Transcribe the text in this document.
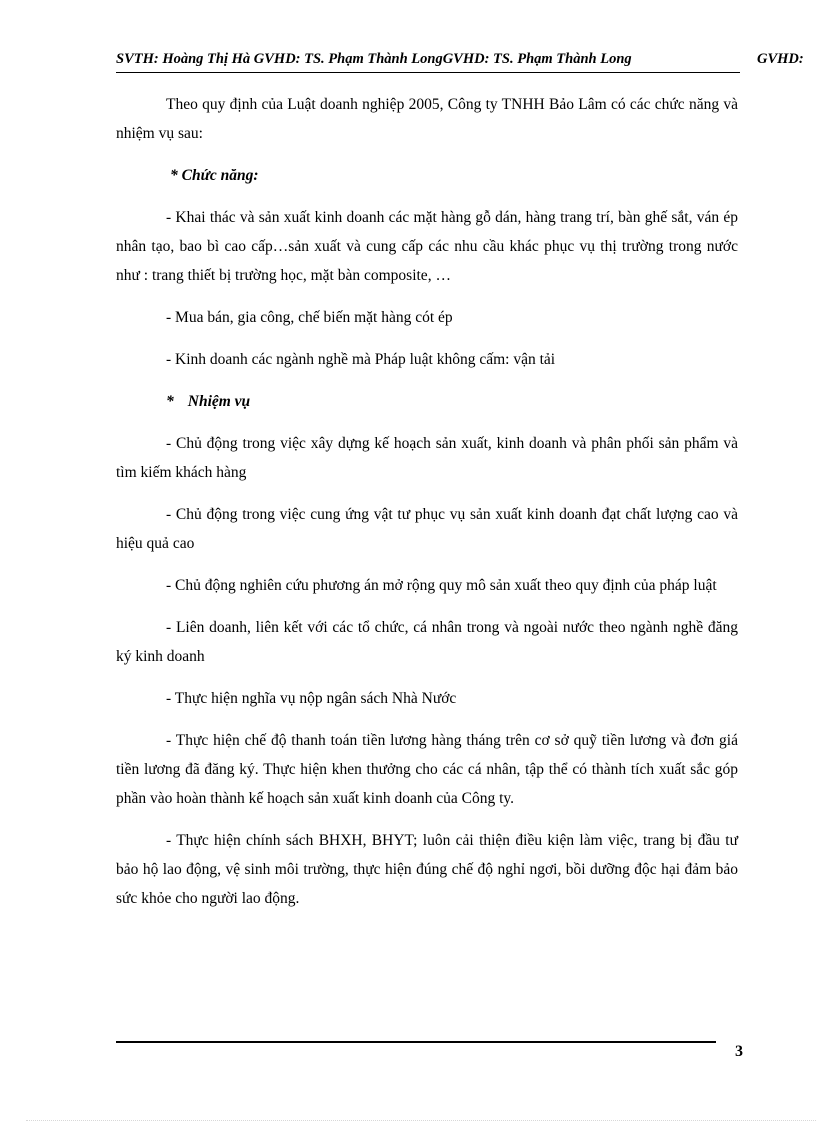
SVTH: Hoàng Thị Hà GVHD: TS. Phạm Thành LongGVHD: TS. Phạm Thành Long	GVHD:

Theo quy định của Luật doanh nghiệp 2005, Công ty TNHH Bảo Lâm có các chức năng và nhiệm vụ sau:

* Chức năng:

- Khai thác và sản xuất kinh doanh các mặt hàng gỗ dán, hàng trang trí, bàn ghế sắt, ván ép nhân tạo, bao bì cao cấp…sản xuất và cung cấp các nhu cầu khác phục vụ thị trường trong nước như : trang thiết bị trường học, mặt bàn composite, …

- Mua bán, gia công, chế biến mặt hàng cót ép

- Kinh doanh các ngành nghề mà Pháp luật không cấm: vận tải

* Nhiệm vụ

- Chủ động trong việc xây dựng kế hoạch sản xuất, kinh doanh và phân phối sản phẩm và tìm kiếm khách hàng

- Chủ động trong việc cung ứng vật tư phục vụ sản xuất kinh doanh đạt chất lượng cao và hiệu quả cao

- Chủ động nghiên cứu phương án mở rộng quy mô sản xuất theo quy định của pháp luật

- Liên doanh, liên kết với các tổ chức, cá nhân trong và ngoài nước theo ngành nghề đăng ký kinh doanh

- Thực hiện nghĩa vụ nộp ngân sách Nhà Nước

- Thực hiện chế độ thanh toán tiền lương hàng tháng trên cơ sở quỹ tiền lương và đơn giá tiền lương đã đăng ký. Thực hiện khen thưởng cho các cá nhân, tập thể có thành tích xuất sắc góp phần vào hoàn thành kế hoạch sản xuất kinh doanh của Công ty.

- Thực hiện chính sách BHXH, BHYT; luôn cải thiện điều kiện làm việc, trang bị đầu tư bảo hộ lao động, vệ sinh môi trường, thực hiện đúng chế độ nghỉ ngơi, bồi dưỡng độc hại đảm bảo sức khỏe cho người lao động.

3
